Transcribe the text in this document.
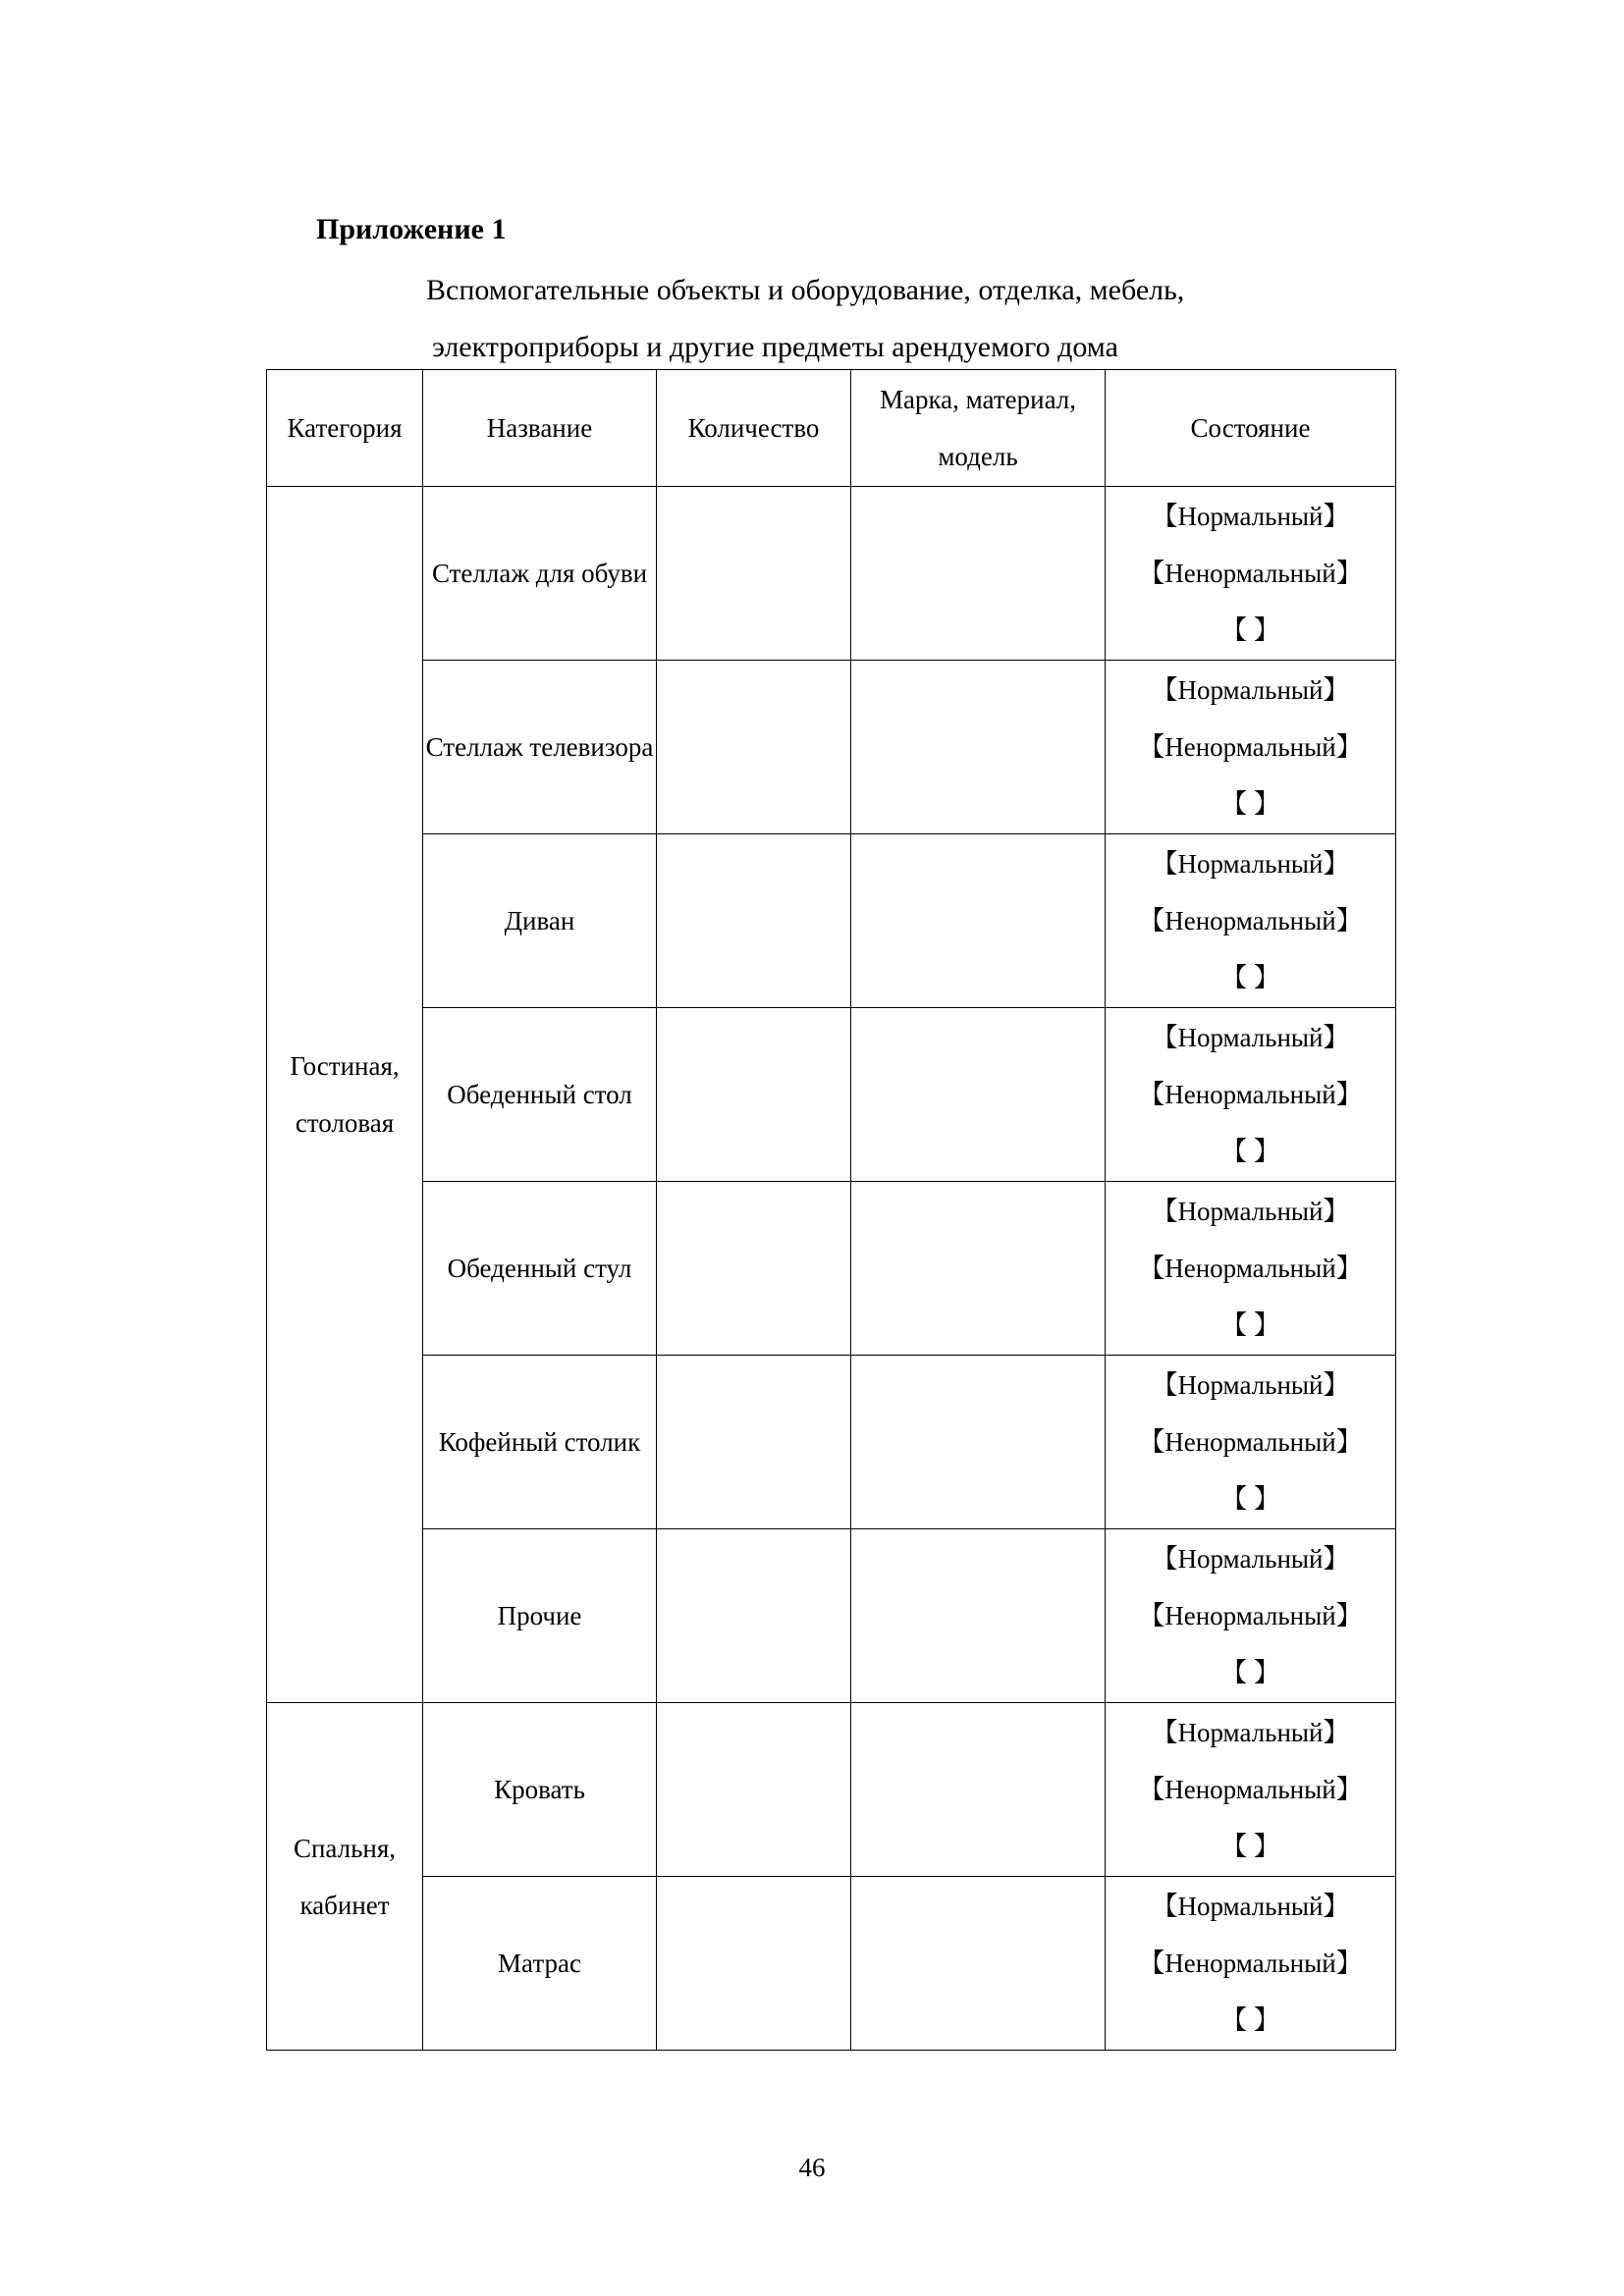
Приложение 1
Вспомогательные объекты и оборудование, отделка, мебель,
электроприборы и другие предметы арендуемого дома
Категория	Название	Количество	Марка, материал, модель	Состояние
Гостиная, столовая	Стеллаж для обуви			【Нормальный】
【Ненормальный】
【 】

	Стеллаж телевизора			【Нормальный】
【Ненормальный】
【 】

	Диван			【Нормальный】
【Ненормальный】
【 】

	Обеденный стол			【Нормальный】
【Ненормальный】
【 】

	Обеденный стул			【Нормальный】
【Ненормальный】
【 】

	Кофейный столик			【Нормальный】
【Ненормальный】
【 】

	Прочие			【Нормальный】
【Ненормальный】
【 】

Спальня, кабинет	Кровать			【Нормальный】
【Ненормальный】
【 】

	Матрас			【Нормальный】
【Ненормальный】
【 】
46
